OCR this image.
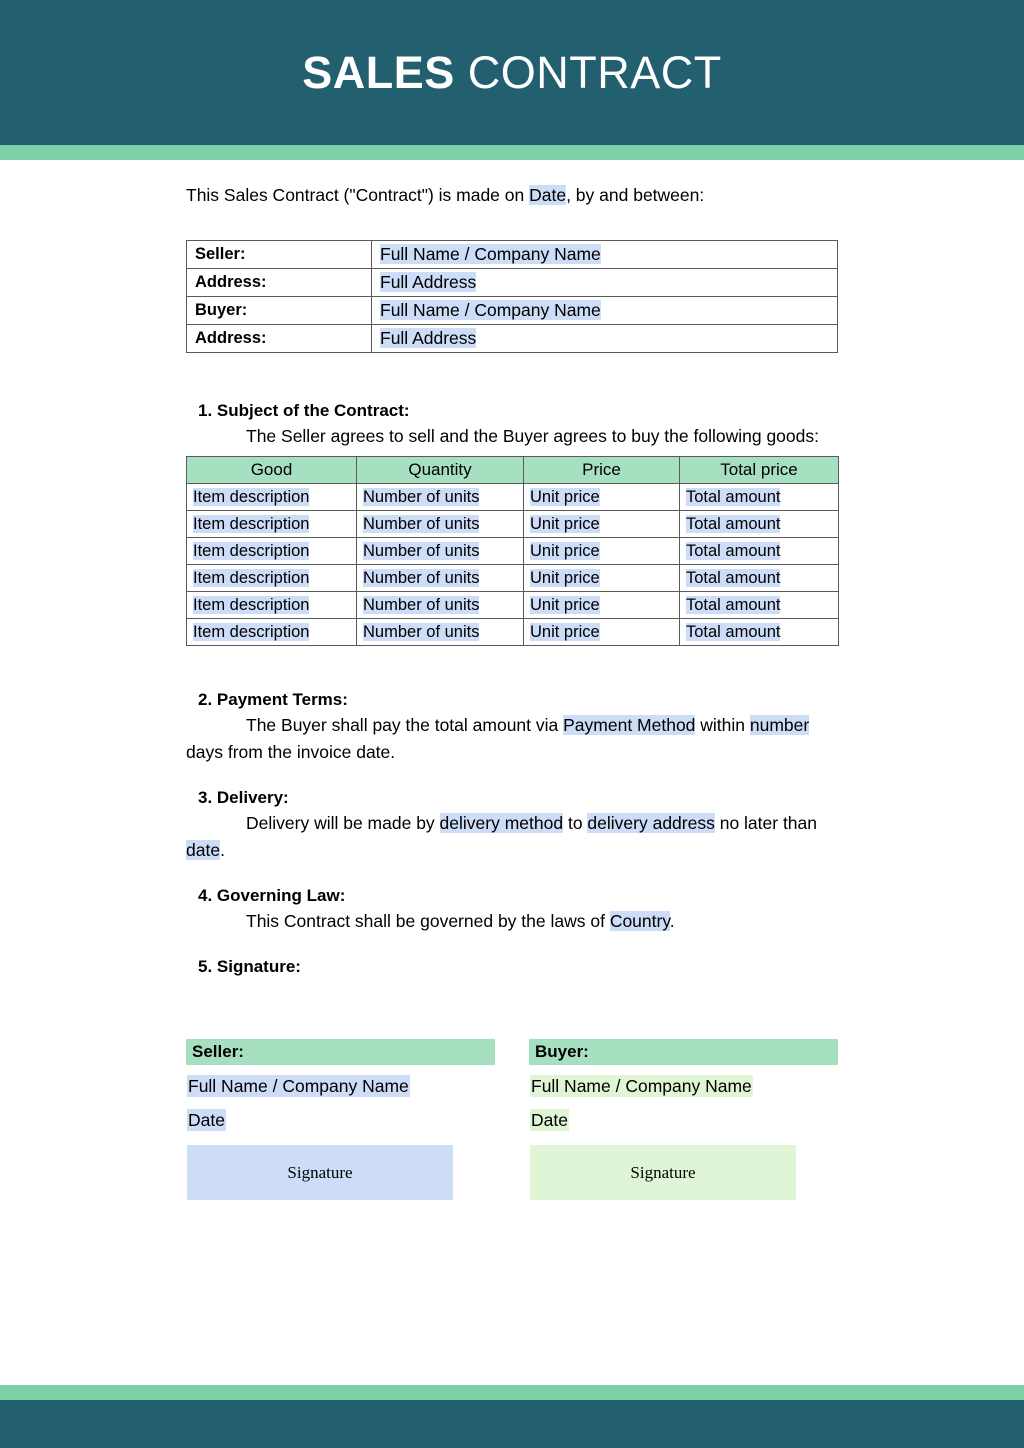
SALES CONTRACT

This Sales Contract ("Contract") is made on Date, by and between:

Seller:	Full Name / Company Name
Address:	Full Address
Buyer:	Full Name / Company Name
Address:	Full Address
1. Subject of the Contract:

The Seller agrees to sell and the Buyer agrees to buy the following goods:

Good	Quantity	Price	Total price
Item description	Number of units	Unit price	Total amount
Item description	Number of units	Unit price	Total amount
Item description	Number of units	Unit price	Total amount
Item description	Number of units	Unit price	Total amount
Item description	Number of units	Unit price	Total amount
Item description	Number of units	Unit price	Total amount
2. Payment Terms:

The Buyer shall pay the total amount via Payment Method within number days from the invoice date.

3. Delivery:

Delivery will be made by delivery method to delivery address no later than date.

4. Governing Law:

This Contract shall be governed by the laws of Country.

5. Signature:
Seller:
Full Name / Company Name
Date
Signature
Buyer:
Full Name / Company Name
Date
Signature
